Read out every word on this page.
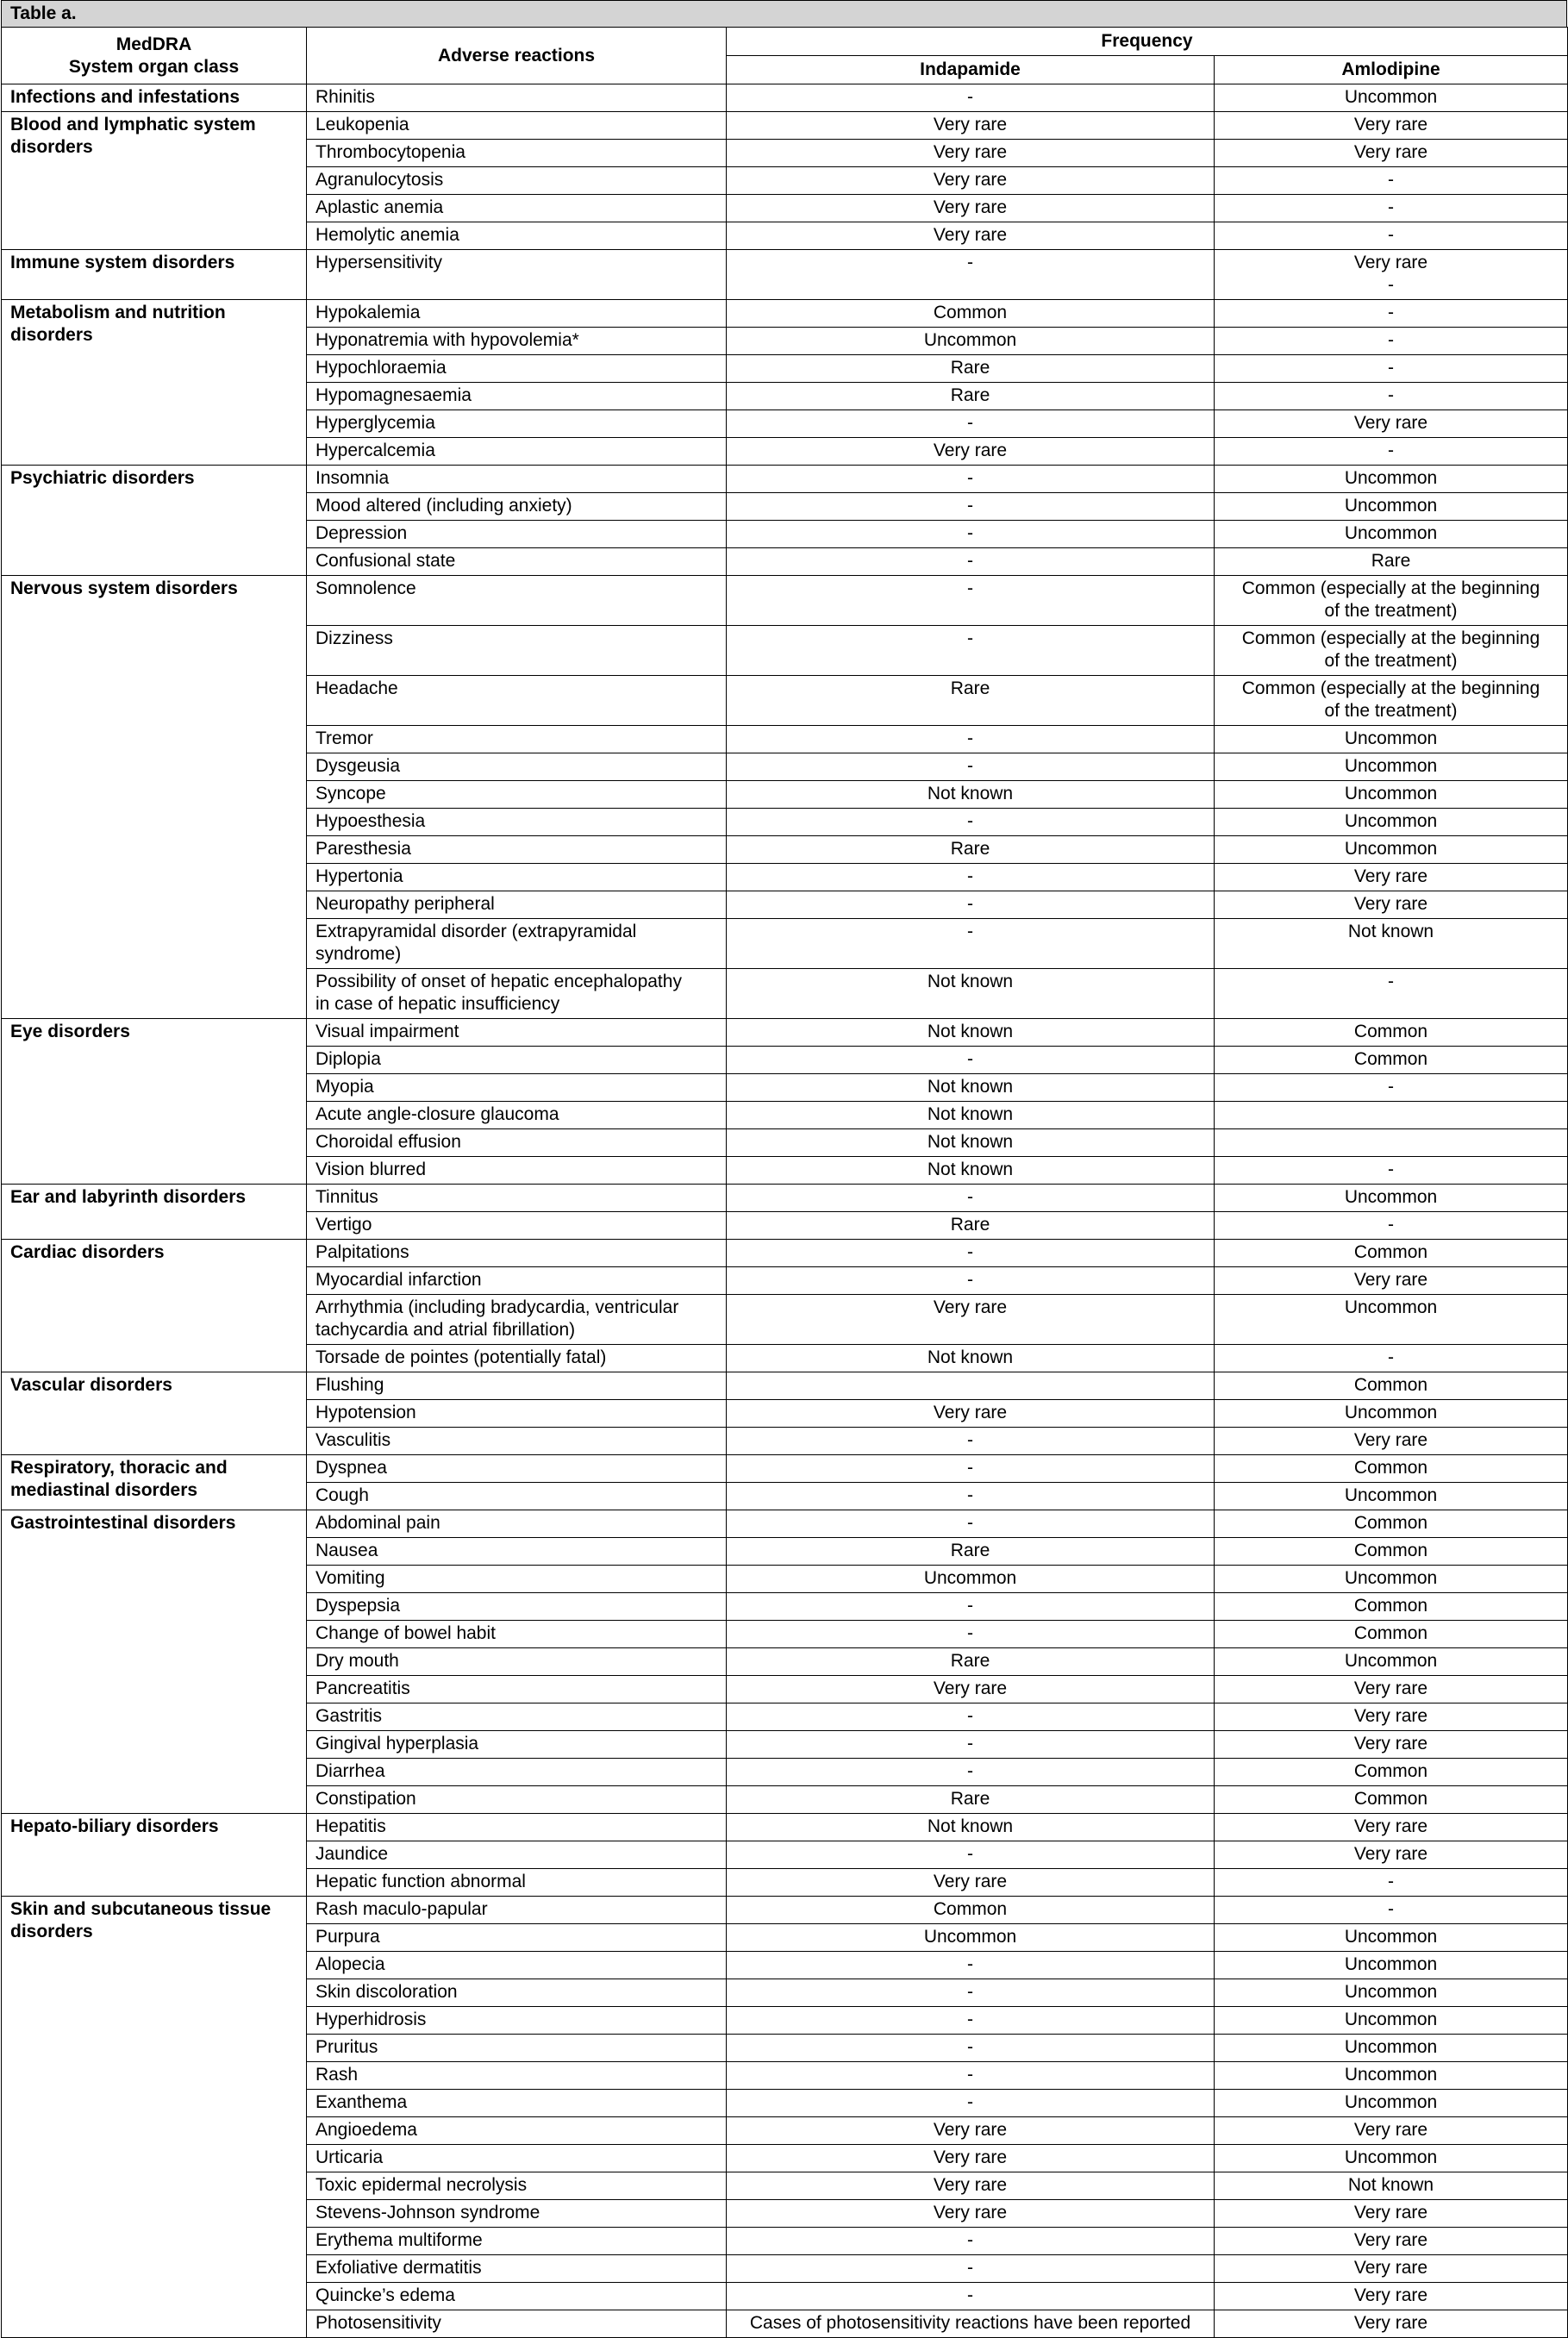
Table a.
MedDRA
System organ class	Adverse reactions	Frequency	
		Indapamide	Amlodipine
Infections and infestations	Rhinitis	-	Uncommon

Blood and lymphatic system disorders	Leukopenia	Very rare	Very rare

	Thrombocytopenia	Very rare	Very rare

	Agranulocytosis	Very rare	-

	Aplastic anemia	Very rare	-

	Hemolytic anemia	Very rare	-

Immune system disorders	Hypersensitivity	-	Very rare
-

Metabolism and nutrition disorders	Hypokalemia	Common	-

	Hyponatremia with hypovolemia*	Uncommon	-

	Hypochloraemia	Rare	-

	Hypomagnesaemia	Rare	-

	Hyperglycemia	-	Very rare

	Hypercalcemia	Very rare	-

Psychiatric disorders	Insomnia	-	Uncommon

	Mood altered (including anxiety)	-	Uncommon

	Depression	-	Uncommon

	Confusional state	-	Rare

Nervous system disorders	Somnolence	-	Common (especially at the beginning
of the treatment)

	Dizziness	-	Common (especially at the beginning
of the treatment)

	Headache	Rare	Common (especially at the beginning
of the treatment)

	Tremor	-	Uncommon

	Dysgeusia	-	Uncommon

	Syncope	Not known	Uncommon

	Hypoesthesia	-	Uncommon

	Paresthesia	Rare	Uncommon

	Hypertonia	-	Very rare

	Neuropathy peripheral	-	Very rare

	Extrapyramidal disorder (extrapyramidal
syndrome)	-	Not known

	Possibility of onset of hepatic encephalopathy
in case of hepatic insufficiency	Not known	-

Eye disorders	Visual impairment	Not known	Common

	Diplopia	-	Common

	Myopia	Not known	-

	Acute angle-closure glaucoma	Not known	

	Choroidal effusion	Not known	

	Vision blurred	Not known	-

Ear and labyrinth disorders	Tinnitus	-	Uncommon

	Vertigo	Rare	-

Cardiac disorders	Palpitations	-	Common

	Myocardial infarction	-	Very rare

	Arrhythmia (including bradycardia, ventricular
tachycardia and atrial fibrillation)	Very rare	Uncommon

	Torsade de pointes (potentially fatal)	Not known	-

Vascular disorders	Flushing		Common

	Hypotension	Very rare	Uncommon

	Vasculitis	-	Very rare

Respiratory, thoracic and mediastinal disorders	Dyspnea	-	Common

	Cough	-	Uncommon

Gastrointestinal disorders	Abdominal pain	-	Common

	Nausea	Rare	Common

	Vomiting	Uncommon	Uncommon

	Dyspepsia	-	Common

	Change of bowel habit	-	Common

	Dry mouth	Rare	Uncommon

	Pancreatitis	Very rare	Very rare

	Gastritis	-	Very rare

	Gingival hyperplasia	-	Very rare

	Diarrhea	-	Common

	Constipation	Rare	Common

Hepato-biliary disorders	Hepatitis	Not known	Very rare

	Jaundice	-	Very rare

	Hepatic function abnormal	Very rare	-

Skin and subcutaneous tissue disorders	Rash maculo-papular	Common	-

	Purpura	Uncommon	Uncommon

	Alopecia	-	Uncommon

	Skin discoloration	-	Uncommon

	Hyperhidrosis	-	Uncommon

	Pruritus	-	Uncommon

	Rash	-	Uncommon

	Exanthema	-	Uncommon

	Angioedema	Very rare	Very rare

	Urticaria	Very rare	Uncommon

	Toxic epidermal necrolysis	Very rare	Not known

	Stevens-Johnson syndrome	Very rare	Very rare

	Erythema multiforme	-	Very rare

	Exfoliative dermatitis	-	Very rare

	Quincke’s edema	-	Very rare

	Photosensitivity	Cases of photosensitivity reactions have been reported	Very rare
